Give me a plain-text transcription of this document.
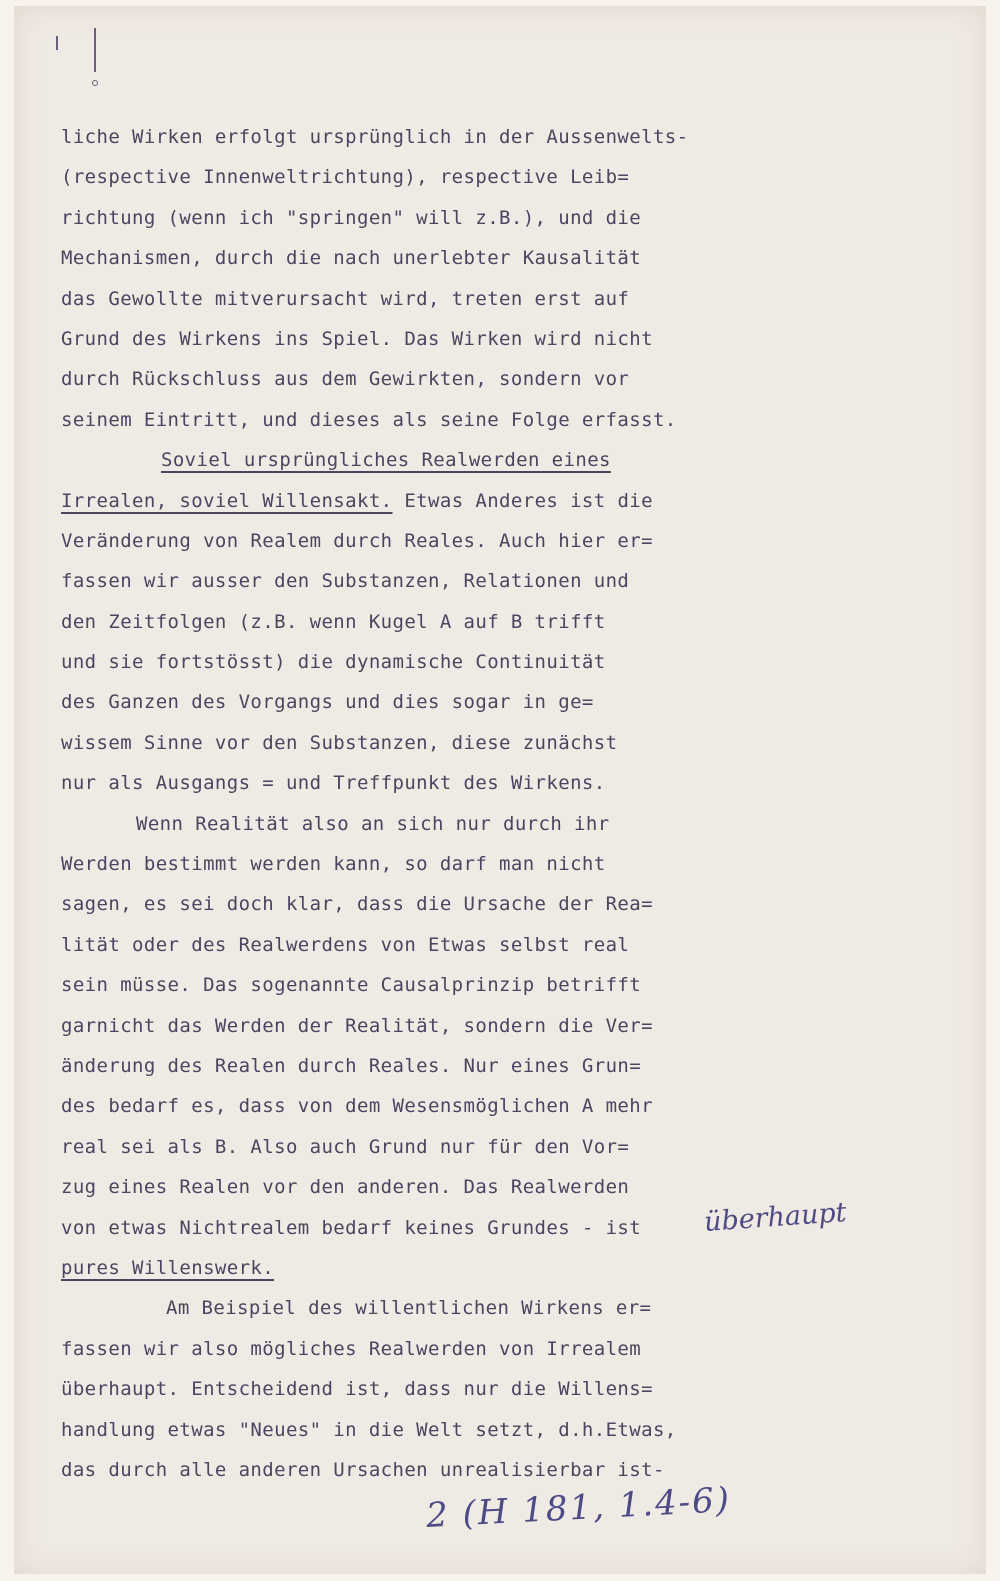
liche Wirken erfolgt ursprünglich in der Aussenwelts-
(respective Innenweltrichtung), respective Leib=
richtung (wenn ich "springen" will z.B.), und die
Mechanismen, durch die nach unerlebter Kausalität
das Gewollte mitverursacht wird, treten erst auf
Grund des Wirkens ins Spiel. Das Wirken wird nicht
durch Rückschluss aus dem Gewirkten, sondern vor
seinem Eintritt, und dieses als seine Folge erfasst.
Soviel ursprüngliches Realwerden eines
Irrealen, soviel Willensakt. Etwas Anderes ist die
Veränderung von Realem durch Reales. Auch hier er=
fassen wir ausser den Substanzen, Relationen und
den Zeitfolgen (z.B. wenn Kugel A auf B trifft
und sie fortstösst) die dynamische Continuität
des Ganzen des Vorgangs und dies sogar in ge=
wissem Sinne vor den Substanzen, diese zunächst
nur als Ausgangs = und Treffpunkt des Wirkens.
Wenn Realität also an sich nur durch ihr
Werden bestimmt werden kann, so darf man nicht
sagen, es sei doch klar, dass die Ursache der Rea=
lität oder des Realwerdens von Etwas selbst real
sein müsse. Das sogenannte Causalprinzip betrifft
garnicht das Werden der Realität, sondern die Ver=
änderung des Realen durch Reales. Nur eines Grun=
des bedarf es, dass von dem Wesensmöglichen A mehr
real sei als B. Also auch Grund nur für den Vor=
zug eines Realen vor den anderen. Das Realwerden
von etwas Nichtrealem bedarf keines Grundes - ist
pures Willenswerk.
Am Beispiel des willentlichen Wirkens er=
fassen wir also mögliches Realwerden von Irrealem
überhaupt. Entscheidend ist, dass nur die Willens=
handlung etwas "Neues" in die Welt setzt, d.h.Etwas,
das durch alle anderen Ursachen unrealisierbar ist-
überhaupt
2 (H 181, 1.4-6)
